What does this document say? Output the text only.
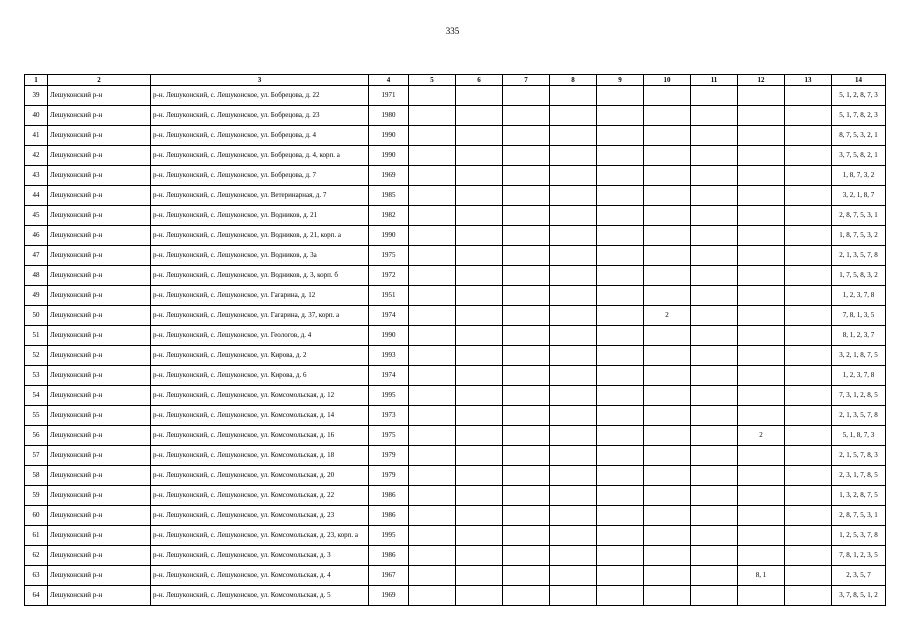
335
1	2	3	4	5	6	7	8	9	10	11	12	13	14
39	Лешуконский р-н	р-н. Лешуконский, с. Лешуконское, ул. Бобрецова, д. 22	1971										5, 1, 2, 8, 7, 3
40	Лешуконский р-н	р-н. Лешуконский, с. Лешуконское, ул. Бобрецова, д. 23	1980										5, 1, 7, 8, 2, 3
41	Лешуконский р-н	р-н. Лешуконский, с. Лешуконское, ул. Бобрецова, д. 4	1990										8, 7, 5, 3, 2, 1
42	Лешуконский р-н	р-н. Лешуконский, с. Лешуконское, ул. Бобрецова, д. 4, корп. а	1990										3, 7, 5, 8, 2, 1
43	Лешуконский р-н	р-н. Лешуконский, с. Лешуконское, ул. Бобрецова, д. 7	1969										1, 8, 7, 3, 2
44	Лешуконский р-н	р-н. Лешуконский, с. Лешуконское, ул. Ветеринарная, д. 7	1985										3, 2, 1, 8, 7
45	Лешуконский р-н	р-н. Лешуконский, с. Лешуконское, ул. Водников, д. 21	1982										2, 8, 7, 5, 3, 1
46	Лешуконский р-н	р-н. Лешуконский, с. Лешуконское, ул. Водников, д. 21, корп. а	1990										1, 8, 7, 5, 3, 2
47	Лешуконский р-н	р-н. Лешуконский, с. Лешуконское, ул. Водников, д. 3а	1975										2, 1, 3, 5, 7, 8
48	Лешуконский р-н	р-н. Лешуконский, с. Лешуконское, ул. Водников, д. 3, корп. б	1972										1, 7, 5, 8, 3, 2
49	Лешуконский р-н	р-н. Лешуконский, с. Лешуконское, ул. Гагарина, д. 12	1951										1, 2, 3, 7, 8
50	Лешуконский р-н	р-н. Лешуконский, с. Лешуконское, ул. Гагарина, д. 37, корп. а	1974						2				7, 8, 1, 3, 5
51	Лешуконский р-н	р-н. Лешуконский, с. Лешуконское, ул. Геологов, д. 4	1990										8, 1, 2, 3, 7
52	Лешуконский р-н	р-н. Лешуконский, с. Лешуконское, ул. Кирова, д. 2	1993										3, 2, 1, 8, 7, 5
53	Лешуконский р-н	р-н. Лешуконский, с. Лешуконское, ул. Кирова, д. 6	1974										1, 2, 3, 7, 8
54	Лешуконский р-н	р-н. Лешуконский, с. Лешуконское, ул. Комсомольская, д. 12	1995										7, 3, 1, 2, 8, 5
55	Лешуконский р-н	р-н. Лешуконский, с. Лешуконское, ул. Комсомольская, д. 14	1973										2, 1, 3, 5, 7, 8
56	Лешуконский р-н	р-н. Лешуконский, с. Лешуконское, ул. Комсомольская, д. 16	1975								2		5, 1, 8, 7, 3
57	Лешуконский р-н	р-н. Лешуконский, с. Лешуконское, ул. Комсомольская, д. 18	1979										2, 1, 5, 7, 8, 3
58	Лешуконский р-н	р-н. Лешуконский, с. Лешуконское, ул. Комсомольская, д. 20	1979										2, 3, 1, 7, 8, 5
59	Лешуконский р-н	р-н. Лешуконский, с. Лешуконское, ул. Комсомольская, д. 22	1986										1, 3, 2, 8, 7, 5
60	Лешуконский р-н	р-н. Лешуконский, с. Лешуконское, ул. Комсомольская, д. 23	1986										2, 8, 7, 5, 3, 1
61	Лешуконский р-н	р-н. Лешуконский, с. Лешуконское, ул. Комсомольская, д. 23, корп. а	1995										1, 2, 5, 3, 7, 8
62	Лешуконский р-н	р-н. Лешуконский, с. Лешуконское, ул. Комсомольская, д. 3	1986										7, 8, 1, 2, 3, 5
63	Лешуконский р-н	р-н. Лешуконский, с. Лешуконское, ул. Комсомольская, д. 4	1967								8, 1		2, 3, 5, 7
64	Лешуконский р-н	р-н. Лешуконский, с. Лешуконское, ул. Комсомольская, д. 5	1969										3, 7, 8, 5, 1, 2
